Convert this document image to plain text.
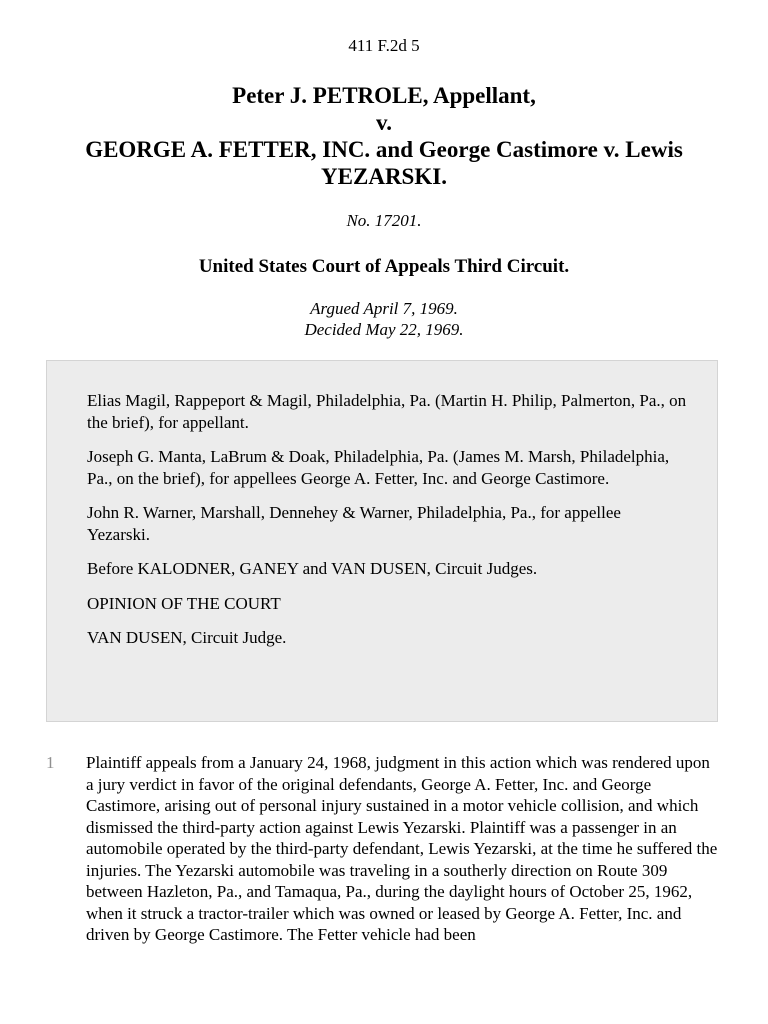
411 F.2d 5
Peter J. PETROLE, Appellant,
v.
GEORGE A. FETTER, INC. and George Castimore v. Lewis YEZARSKI.
No. 17201.
United States Court of Appeals Third Circuit.
Argued April 7, 1969.
Decided May 22, 1969.

Elias Magil, Rappeport & Magil, Philadelphia, Pa. (Martin H. Philip, Palmerton, Pa., on the brief), for appellant.

Joseph G. Manta, LaBrum & Doak, Philadelphia, Pa. (James M. Marsh, Philadelphia, Pa., on the brief), for appellees George A. Fetter, Inc. and George Castimore.

John R. Warner, Marshall, Dennehey & Warner, Philadelphia, Pa., for appellee Yezarski.

Before KALODNER, GANEY and VAN DUSEN, Circuit Judges.

OPINION OF THE COURT

VAN DUSEN, Circuit Judge.

1 Plaintiff appeals from a January 24, 1968, judgment in this action which was rendered upon a jury verdict in favor of the original defendants, George A. Fetter, Inc. and George Castimore, arising out of personal injury sustained in a motor vehicle collision, and which dismissed the third-party action against Lewis Yezarski. Plaintiff was a passenger in an automobile operated by the third-party defendant, Lewis Yezarski, at the time he suffered the injuries. The Yezarski automobile was traveling in a southerly direction on Route 309 between Hazleton, Pa., and Tamaqua, Pa., during the daylight hours of October 25, 1962, when it struck a tractor-trailer which was owned or leased by George A. Fetter, Inc. and driven by George Castimore. The Fetter vehicle had been
